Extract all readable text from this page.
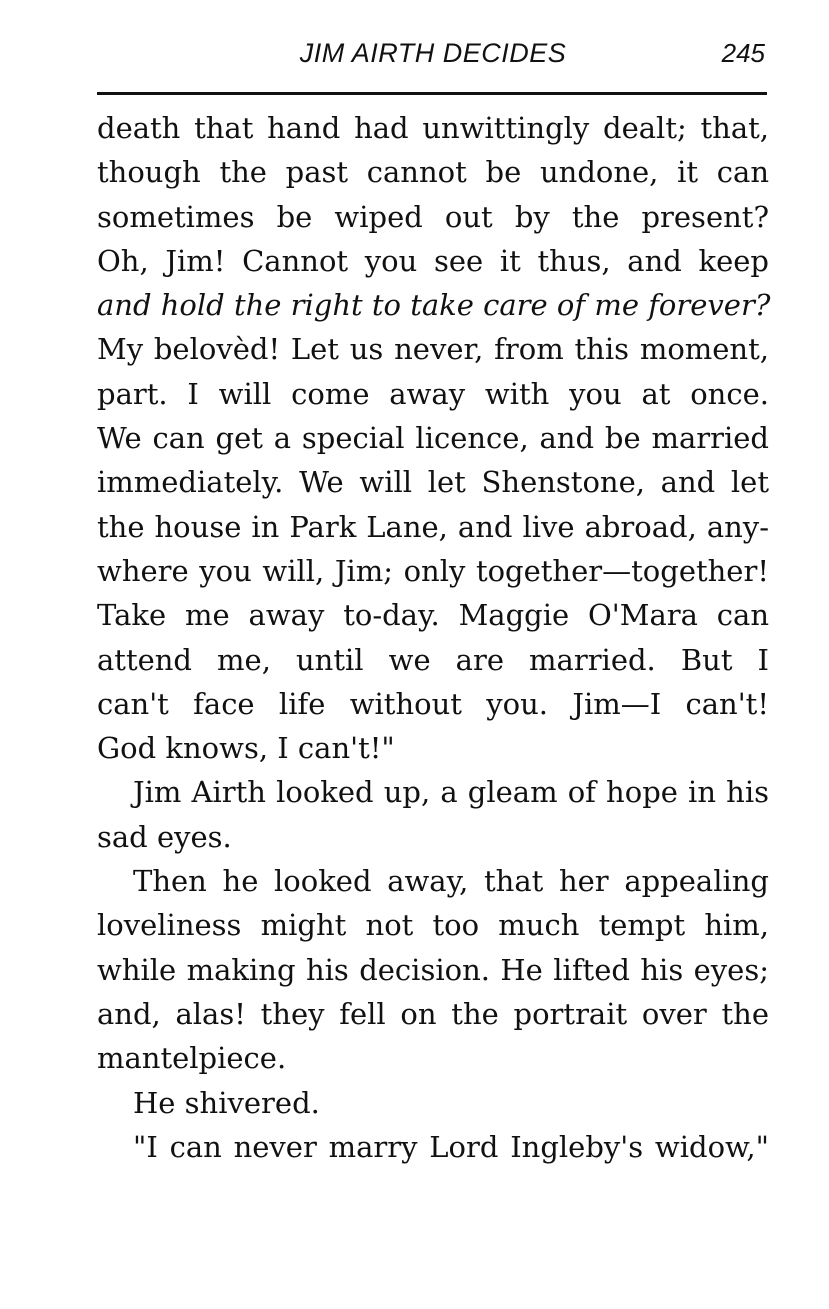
JIM AIRTH DECIDES	245
death that hand had unwittingly dealt; that,
though the past cannot be undone, it can
sometimes be wiped out by the present?
Oh, Jim! Cannot you see it thus, and keep
and hold the right to take care of me forever?
My belovèd! Let us never, from this moment,
part. I will come away with you at once.
We can get a special licence, and be married
immediately. We will let Shenstone, and let
the house in Park Lane, and live abroad, any-
where you will, Jim; only together—together!
Take me away to-day. Maggie O'Mara can
attend me, until we are married. But I
can't face life without you. Jim—I can't!
God knows, I can't!"
Jim Airth looked up, a gleam of hope in his
sad eyes.
Then he looked away, that her appealing
loveliness might not too much tempt him,
while making his decision. He lifted his eyes;
and, alas! they fell on the portrait over the
mantelpiece.
He shivered.
"I can never marry Lord Ingleby's widow,"
